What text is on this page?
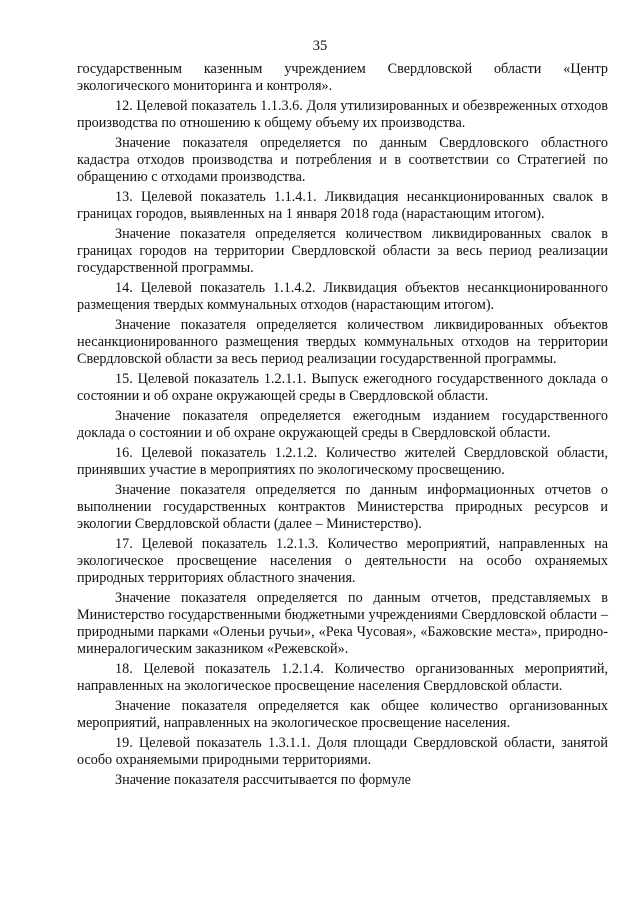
35

государственным казенным учреждением Свердловской области «Центр экологического мониторинга и контроля».

12. Целевой показатель 1.1.3.6. Доля утилизированных и обезвреженных отходов производства по отношению к общему объему их производства.

Значение показателя определяется по данным Свердловского областного кадастра отходов производства и потребления и в соответствии со Стратегией по обращению с отходами производства.

13. Целевой показатель 1.1.4.1. Ликвидация несанкционированных свалок в границах городов, выявленных на 1 января 2018 года (нарастающим итогом).

Значение показателя определяется количеством ликвидированных свалок в границах городов на территории Свердловской области за весь период реализации государственной программы.

14. Целевой показатель 1.1.4.2. Ликвидация объектов несанкционированного размещения твердых коммунальных отходов (нарастающим итогом).

Значение показателя определяется количеством ликвидированных объектов несанкционированного размещения твердых коммунальных отходов на территории Свердловской области за весь период реализации государственной программы.

15. Целевой показатель 1.2.1.1. Выпуск ежегодного государственного доклада о состоянии и об охране окружающей среды в Свердловской области.

Значение показателя определяется ежегодным изданием государственного доклада о состоянии и об охране окружающей среды в Свердловской области.

16. Целевой показатель 1.2.1.2. Количество жителей Свердловской области, принявших участие в мероприятиях по экологическому просвещению.

Значение показателя определяется по данным информационных отчетов о выполнении государственных контрактов Министерства природных ресурсов и экологии Свердловской области (далее – Министерство).

17. Целевой показатель 1.2.1.3. Количество мероприятий, направленных на экологическое просвещение населения о деятельности на особо охраняемых природных территориях областного значения.

Значение показателя определяется по данным отчетов, представляемых в Министерство государственными бюджетными учреждениями Свердловской области – природными парками «Оленьи ручьи», «Река Чусовая», «Бажовские места», природно-минералогическим заказником «Режевской».

18. Целевой показатель 1.2.1.4. Количество организованных мероприятий, направленных на экологическое просвещение населения Свердловской области.

Значение показателя определяется как общее количество организованных мероприятий, направленных на экологическое просвещение населения.

19. Целевой показатель 1.3.1.1. Доля площади Свердловской области, занятой особо охраняемыми природными территориями.

Значение показателя рассчитывается по формуле
